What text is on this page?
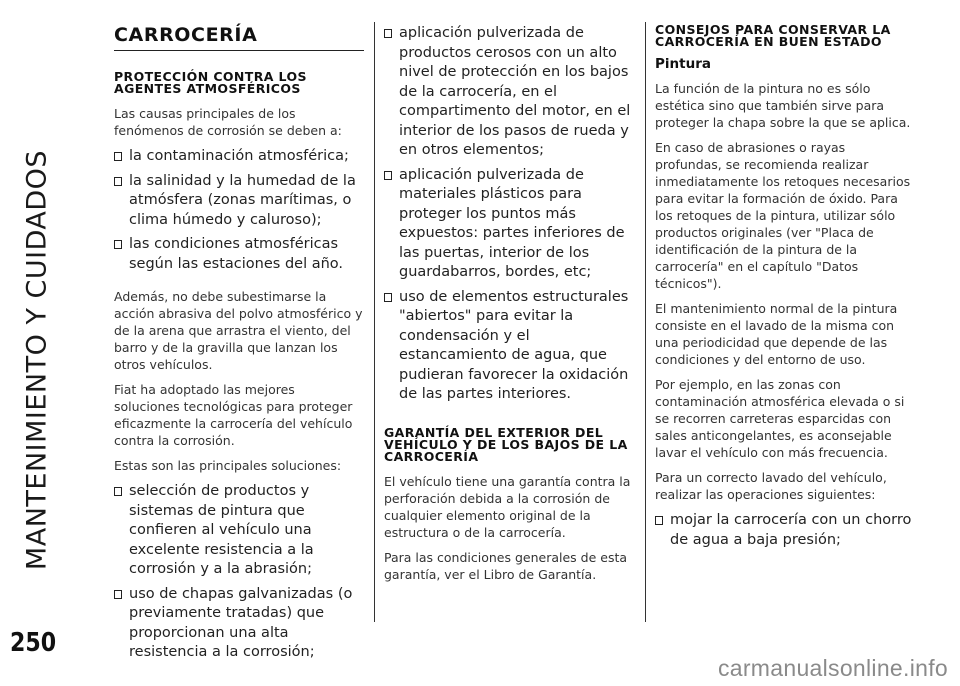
MANTENIMIENTO Y CUIDADOS
250
carmanualsonline.info
CARROCERÍA
PROTECCIÓN CONTRA LOS AGENTES ATMOSFÉRICOS

Las causas principales de los fenómenos de corrosión se deben a:

la contaminación atmosférica;
la salinidad y la humedad de la atmósfera (zonas marítimas, o clima húmedo y caluroso);
las condiciones atmosféricas según las estaciones del año.

Además, no debe subestimarse la acción abrasiva del polvo atmosférico y de la arena que arrastra el viento, del barro y de la gravilla que lanzan los otros vehículos.

Fiat ha adoptado las mejores soluciones tecnológicas para proteger eficazmente la carrocería del vehículo contra la corrosión.

Estas son las principales soluciones:

selección de productos y sistemas de pintura que confieren al vehículo una excelente resistencia a la corrosión y a la abrasión;
uso de chapas galvanizadas (o previamente tratadas) que proporcionan una alta resistencia a la corrosión;
aplicación pulverizada de productos cerosos con un alto nivel de protección en los bajos de la carrocería, en el compartimento del motor, en el interior de los pasos de rueda y en otros elementos;
aplicación pulverizada de materiales plásticos para proteger los puntos más expuestos: partes inferiores de las puertas, interior de los guardabarros, bordes, etc;
uso de elementos estructurales "abiertos" para evitar la condensación y el estancamiento de agua, que pudieran favorecer la oxidación de las partes interiores.
GARANTÍA DEL EXTERIOR DEL VEHÍCULO Y DE LOS BAJOS DE LA CARROCERÍA

El vehículo tiene una garantía contra la perforación debida a la corrosión de cualquier elemento original de la estructura o de la carrocería.

Para las condiciones generales de esta garantía, ver el Libro de Garantía.

CONSEJOS PARA CONSERVAR LA CARROCERÍA EN BUEN ESTADO
Pintura

La función de la pintura no es sólo estética sino que también sirve para proteger la chapa sobre la que se aplica.

En caso de abrasiones o rayas profundas, se recomienda realizar inmediatamente los retoques necesarios para evitar la formación de óxido. Para los retoques de la pintura, utilizar sólo productos originales (ver "Placa de identificación de la pintura de la carrocería" en el capítulo "Datos técnicos").

El mantenimiento normal de la pintura consiste en el lavado de la misma con una periodicidad que depende de las condiciones y del entorno de uso.

Por ejemplo, en las zonas con contaminación atmosférica elevada o si se recorren carreteras esparcidas con sales anticongelantes, es aconsejable lavar el vehículo con más frecuencia.

Para un correcto lavado del vehículo, realizar las operaciones siguientes:

mojar la carrocería con un chorro de agua a baja presión;
